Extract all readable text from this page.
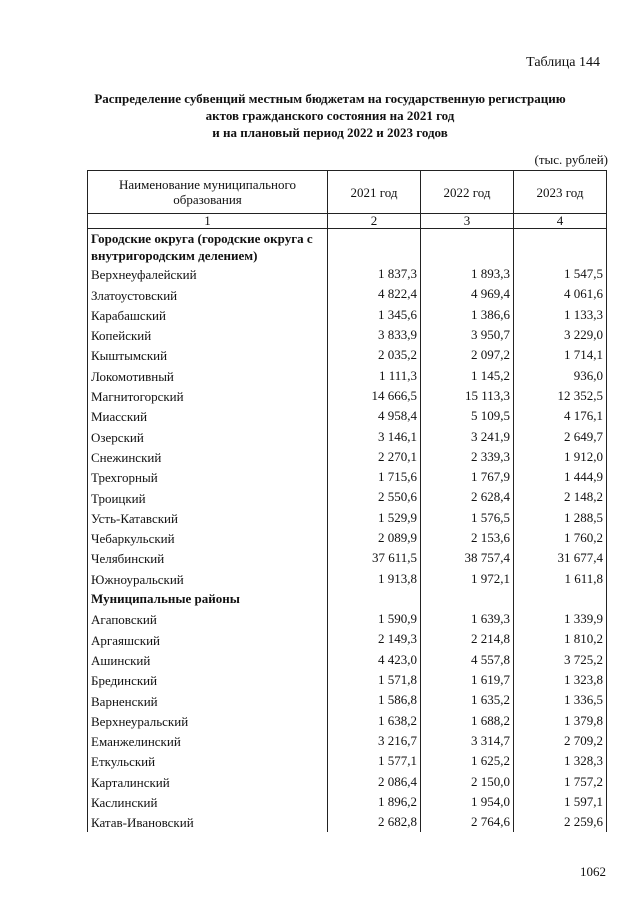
Таблица 144
Распределение субвенций местным бюджетам на государственную регистрацию
актов гражданского состояния на 2021 год
и на плановый период 2022 и 2023 годов
(тыс. рублей)
Наименование муниципального образования	2021 год	2022 год	2023 год
1	2	3	4
Городские округа (городские округа с внутригородским делением)			
Верхнеуфалейский	1 837,3	1 893,3	1 547,5
Златоустовский	4 822,4	4 969,4	4 061,6
Карабашский	1 345,6	1 386,6	1 133,3
Копейский	3 833,9	3 950,7	3 229,0
Кыштымский	2 035,2	2 097,2	1 714,1
Локомотивный	1 111,3	1 145,2	936,0
Магнитогорский	14 666,5	15 113,3	12 352,5
Миасский	4 958,4	5 109,5	4 176,1
Озерский	3 146,1	3 241,9	2 649,7
Снежинский	2 270,1	2 339,3	1 912,0
Трехгорный	1 715,6	1 767,9	1 444,9
Троицкий	2 550,6	2 628,4	2 148,2
Усть-Катавский	1 529,9	1 576,5	1 288,5
Чебаркульский	2 089,9	2 153,6	1 760,2
Челябинский	37 611,5	38 757,4	31 677,4
Южноуральский	1 913,8	1 972,1	1 611,8
Муниципальные районы			
Агаповский	1 590,9	1 639,3	1 339,9
Аргаяшский	2 149,3	2 214,8	1 810,2
Ашинский	4 423,0	4 557,8	3 725,2
Брединский	1 571,8	1 619,7	1 323,8
Варненский	1 586,8	1 635,2	1 336,5
Верхнеуральский	1 638,2	1 688,2	1 379,8
Еманжелинский	3 216,7	3 314,7	2 709,2
Еткульский	1 577,1	1 625,2	1 328,3
Карталинский	2 086,4	2 150,0	1 757,2
Каслинский	1 896,2	1 954,0	1 597,1
Катав-Ивановский	2 682,8	2 764,6	2 259,6
1062
